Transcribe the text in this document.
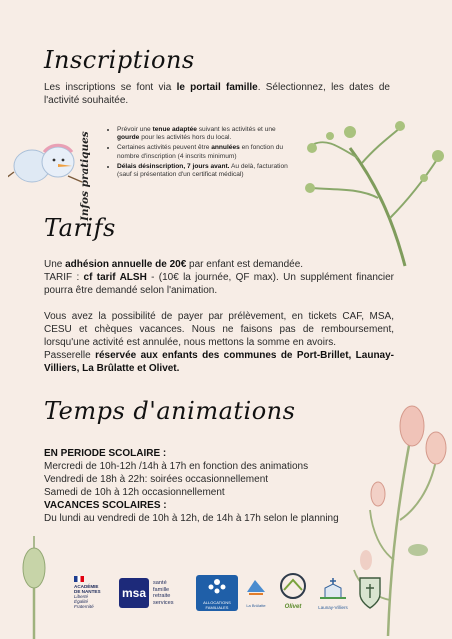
Inscriptions

Les inscriptions se font via le portail famille. Sélectionnez, les dates de l'activité souhaitée.

Infos pratiques
• Prévoir une tenue adaptée suivant les activités et une gourde pour les activités hors du local.
• Certaines activités peuvent être annulées en fonction du nombre d'inscription (4 inscrits minimum)
• Délais désinscription, 7 jours avant. Au delà, facturation (sauf si présentation d'un certificat médical)
Tarifs

Une adhésion annuelle de 20€ par enfant est demandée.

TARIF : cf tarif ALSH - (10€ la journée, QF max). Un supplément financier pourra être demandé selon l'animation.

Vous avez la possibilité de payer par prélèvement, en tickets CAF, MSA, CESU et chèques vacances. Nous ne faisons pas de remboursement, lorsqu'une activité est annulée, nous mettons la somme en avoirs.

Passerelle réservée aux enfants des communes de Port-Brillet, Launay-Villiers, La Brûlatte et Olivet.

Temps d'animations

EN PERIODE SCOLAIRE :

Mercredi de 10h-12h /14h à 17h en fonction des animations

Vendredi de 18h à 22h: soirées occasionnellement

Samedi de 10h à 12h occasionnellement

VACANCES SCOLAIRES :

Du lundi au vendredi de 10h à 12h, de 14h à 17h selon le planning

ACADÉMIE
DE NANTES
Liberté
Égalité
Fraternité
msa
santé
famille
retraite
services	ALLOCATIONS
FAMILIALES	La Brûlatte	Olivet	Launay-Villiers
